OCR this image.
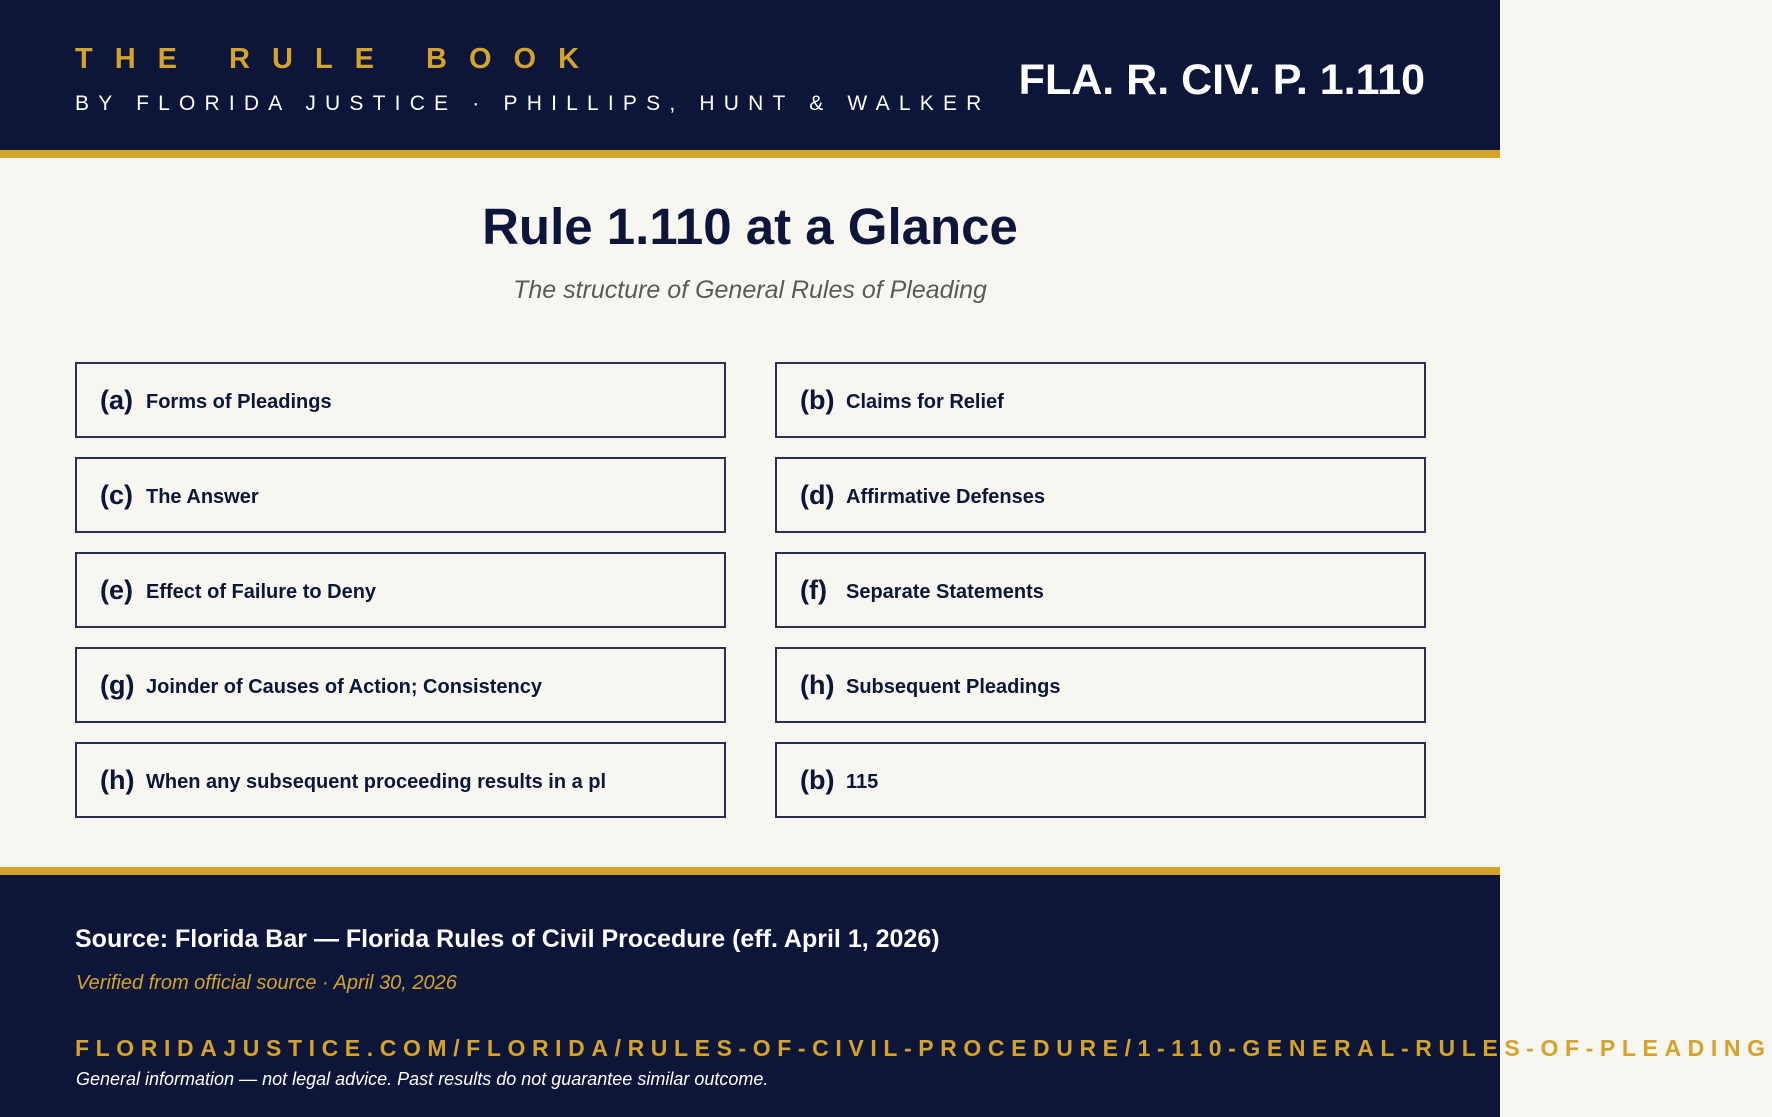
THE RULE BOOK
BY FLORIDA JUSTICE · PHILLIPS, HUNT & WALKER FLA. R. CIV. P. 1.110
Rule 1.110 at a Glance
The structure of General Rules of Pleading
(a) Forms of Pleadings	(b) Claims for Relief
(c) The Answer	(d) Affirmative Defenses
(e) Effect of Failure to Deny	(f) Separate Statements
(g) Joinder of Causes of Action; Consistency	(h) Subsequent Pleadings
(h) When any subsequent proceeding results in a pl	(b) 115
Source: Florida Bar — Florida Rules of Civil Procedure (eff. April 1, 2026)
Verified from official source · April 30, 2026
FLORIDAJUSTICE.COM/FLORIDA/RULES-OF-CIVIL-PROCEDURE/1-110-GENERAL-RULES-OF-PLEADING
General information — not legal advice. Past results do not guarantee similar outcome.
